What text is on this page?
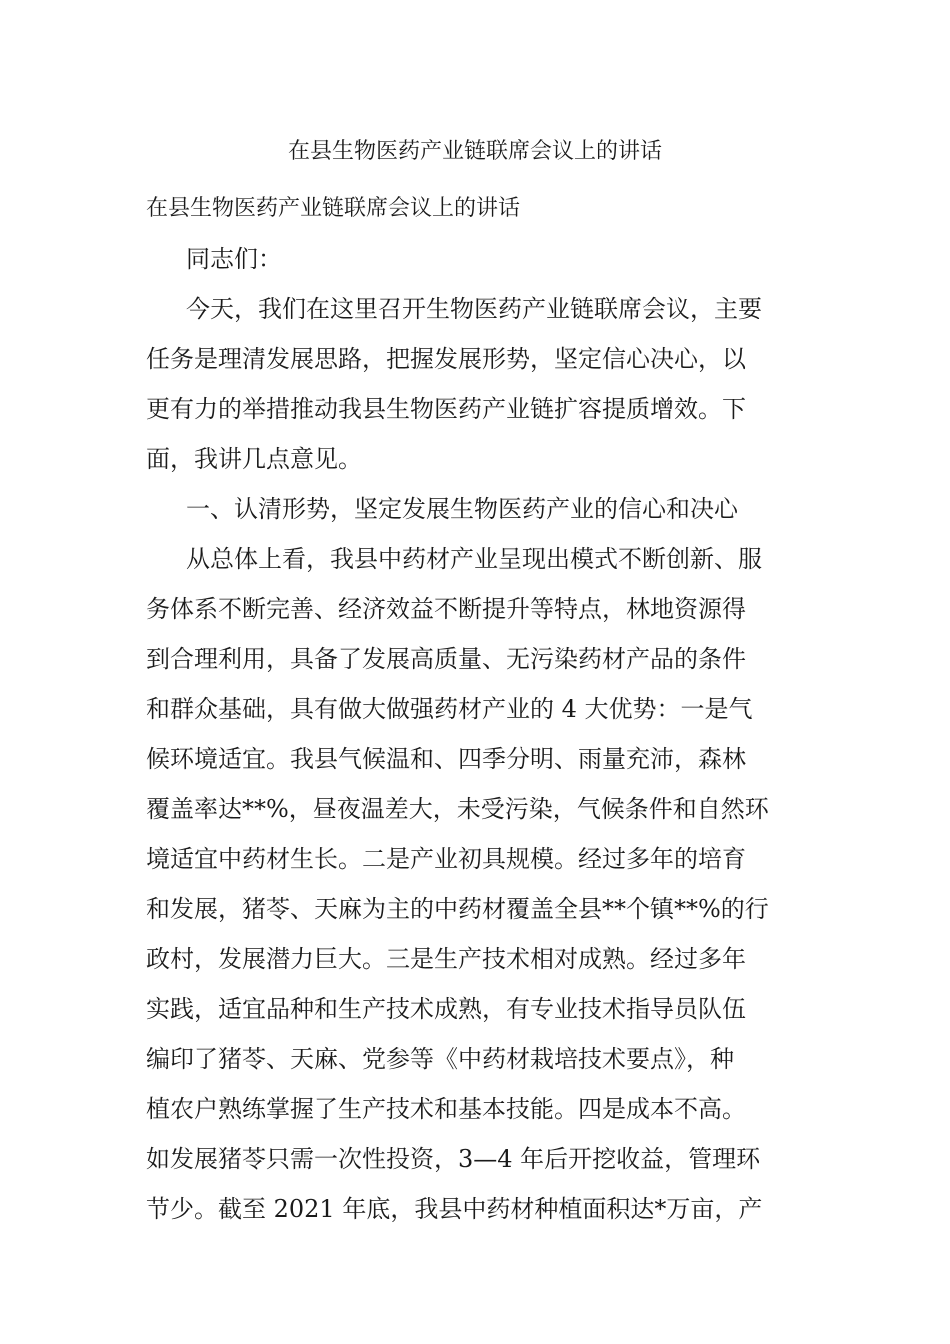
在县生物医药产业链联席会议上的讲话
在县生物医药产业链联席会议上的讲话
同志们：
今天，我们在这里召开生物医药产业链联席会议，主要
任务是理清发展思路，把握发展形势，坚定信心决心，以
更有力的举措推动我县生物医药产业链扩容提质增效。下
面，我讲几点意见。
一、认清形势，坚定发展生物医药产业的信心和决心
从总体上看，我县中药材产业呈现出模式不断创新、服
务体系不断完善、经济效益不断提升等特点，林地资源得
到合理利用，具备了发展高质量、无污染药材产品的条件
和群众基础，具有做大做强药材产业的 4 大优势：一是气
候环境适宜。我县气候温和、四季分明、雨量充沛，森林
覆盖率达**%，昼夜温差大，未受污染，气候条件和自然环
境适宜中药材生长。二是产业初具规模。经过多年的培育
和发展，猪苓、天麻为主的中药材覆盖全县**个镇**%的行
政村，发展潜力巨大。三是生产技术相对成熟。经过多年
实践，适宜品种和生产技术成熟，有专业技术指导员队伍
编印了猪苓、天麻、党参等《中药材栽培技术要点》，种
植农户熟练掌握了生产技术和基本技能。四是成本不高。
如发展猪苓只需一次性投资，3—4 年后开挖收益，管理环
节少。截至 2021 年底，我县中药材种植面积达*万亩，产
